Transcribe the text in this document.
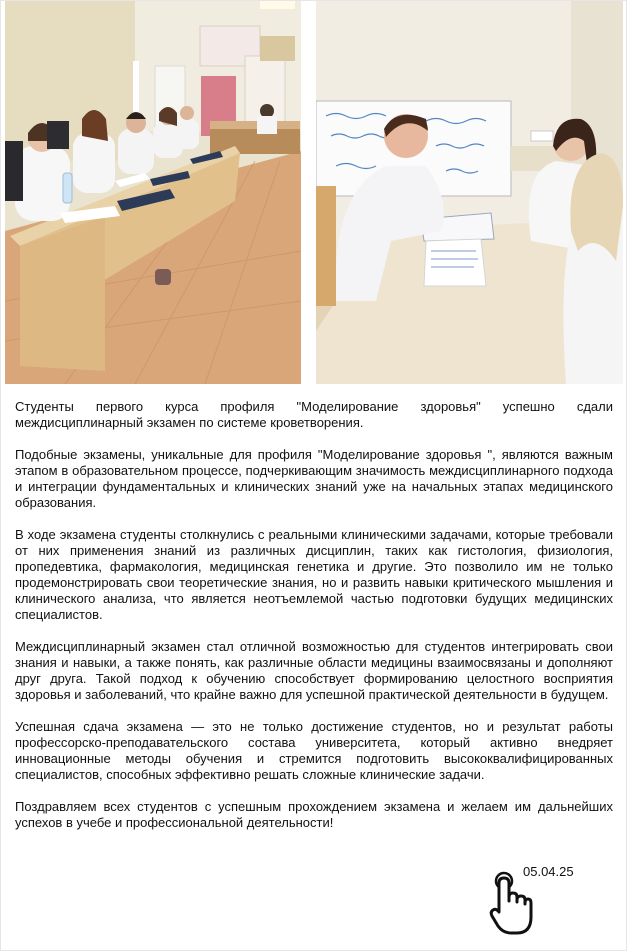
Студенты первого курса профиля "Моделирование здоровья" успешно сдали междисциплинарный экзамен по системе кроветворения.

Подобные экзамены, уникальные для профиля "Моделирование здоровья ", являются важным этапом в образовательном процессе, подчеркивающим значимость междисциплинарного подхода и интеграции фундаментальных и клинических знаний уже на начальных этапах медицинского образования.

В ходе экзамена студенты столкнулись с реальными клиническими задачами, которые требовали от них применения знаний из различных дисциплин, таких как гистология, физиология, пропедевтика, фармакология, медицинская генетика и другие. Это позволило им не только продемонстрировать свои теоретические знания, но и развить навыки критического мышления и клинического анализа, что является неотъемлемой частью подготовки будущих медицинских специалистов.

Междисциплинарный экзамен стал отличной возможностью для студентов интегрировать свои знания и навыки, а также понять, как различные области медицины взаимосвязаны и дополняют друг друга. Такой подход к обучению способствует формированию целостного восприятия здоровья и заболеваний, что крайне важно для успешной практической деятельности в будущем.

Успешная сдача экзамена — это не только достижение студентов, но и результат работы профессорско-преподавательского состава университета, который активно внедряет инновационные методы обучения и стремится подготовить высококвалифицированных специалистов, способных эффективно решать сложные клинические задачи.

Поздравляем всех студентов с успешным прохождением экзамена и желаем им дальнейших успехов в учебе и профессиональной деятельности!

05.04.25
